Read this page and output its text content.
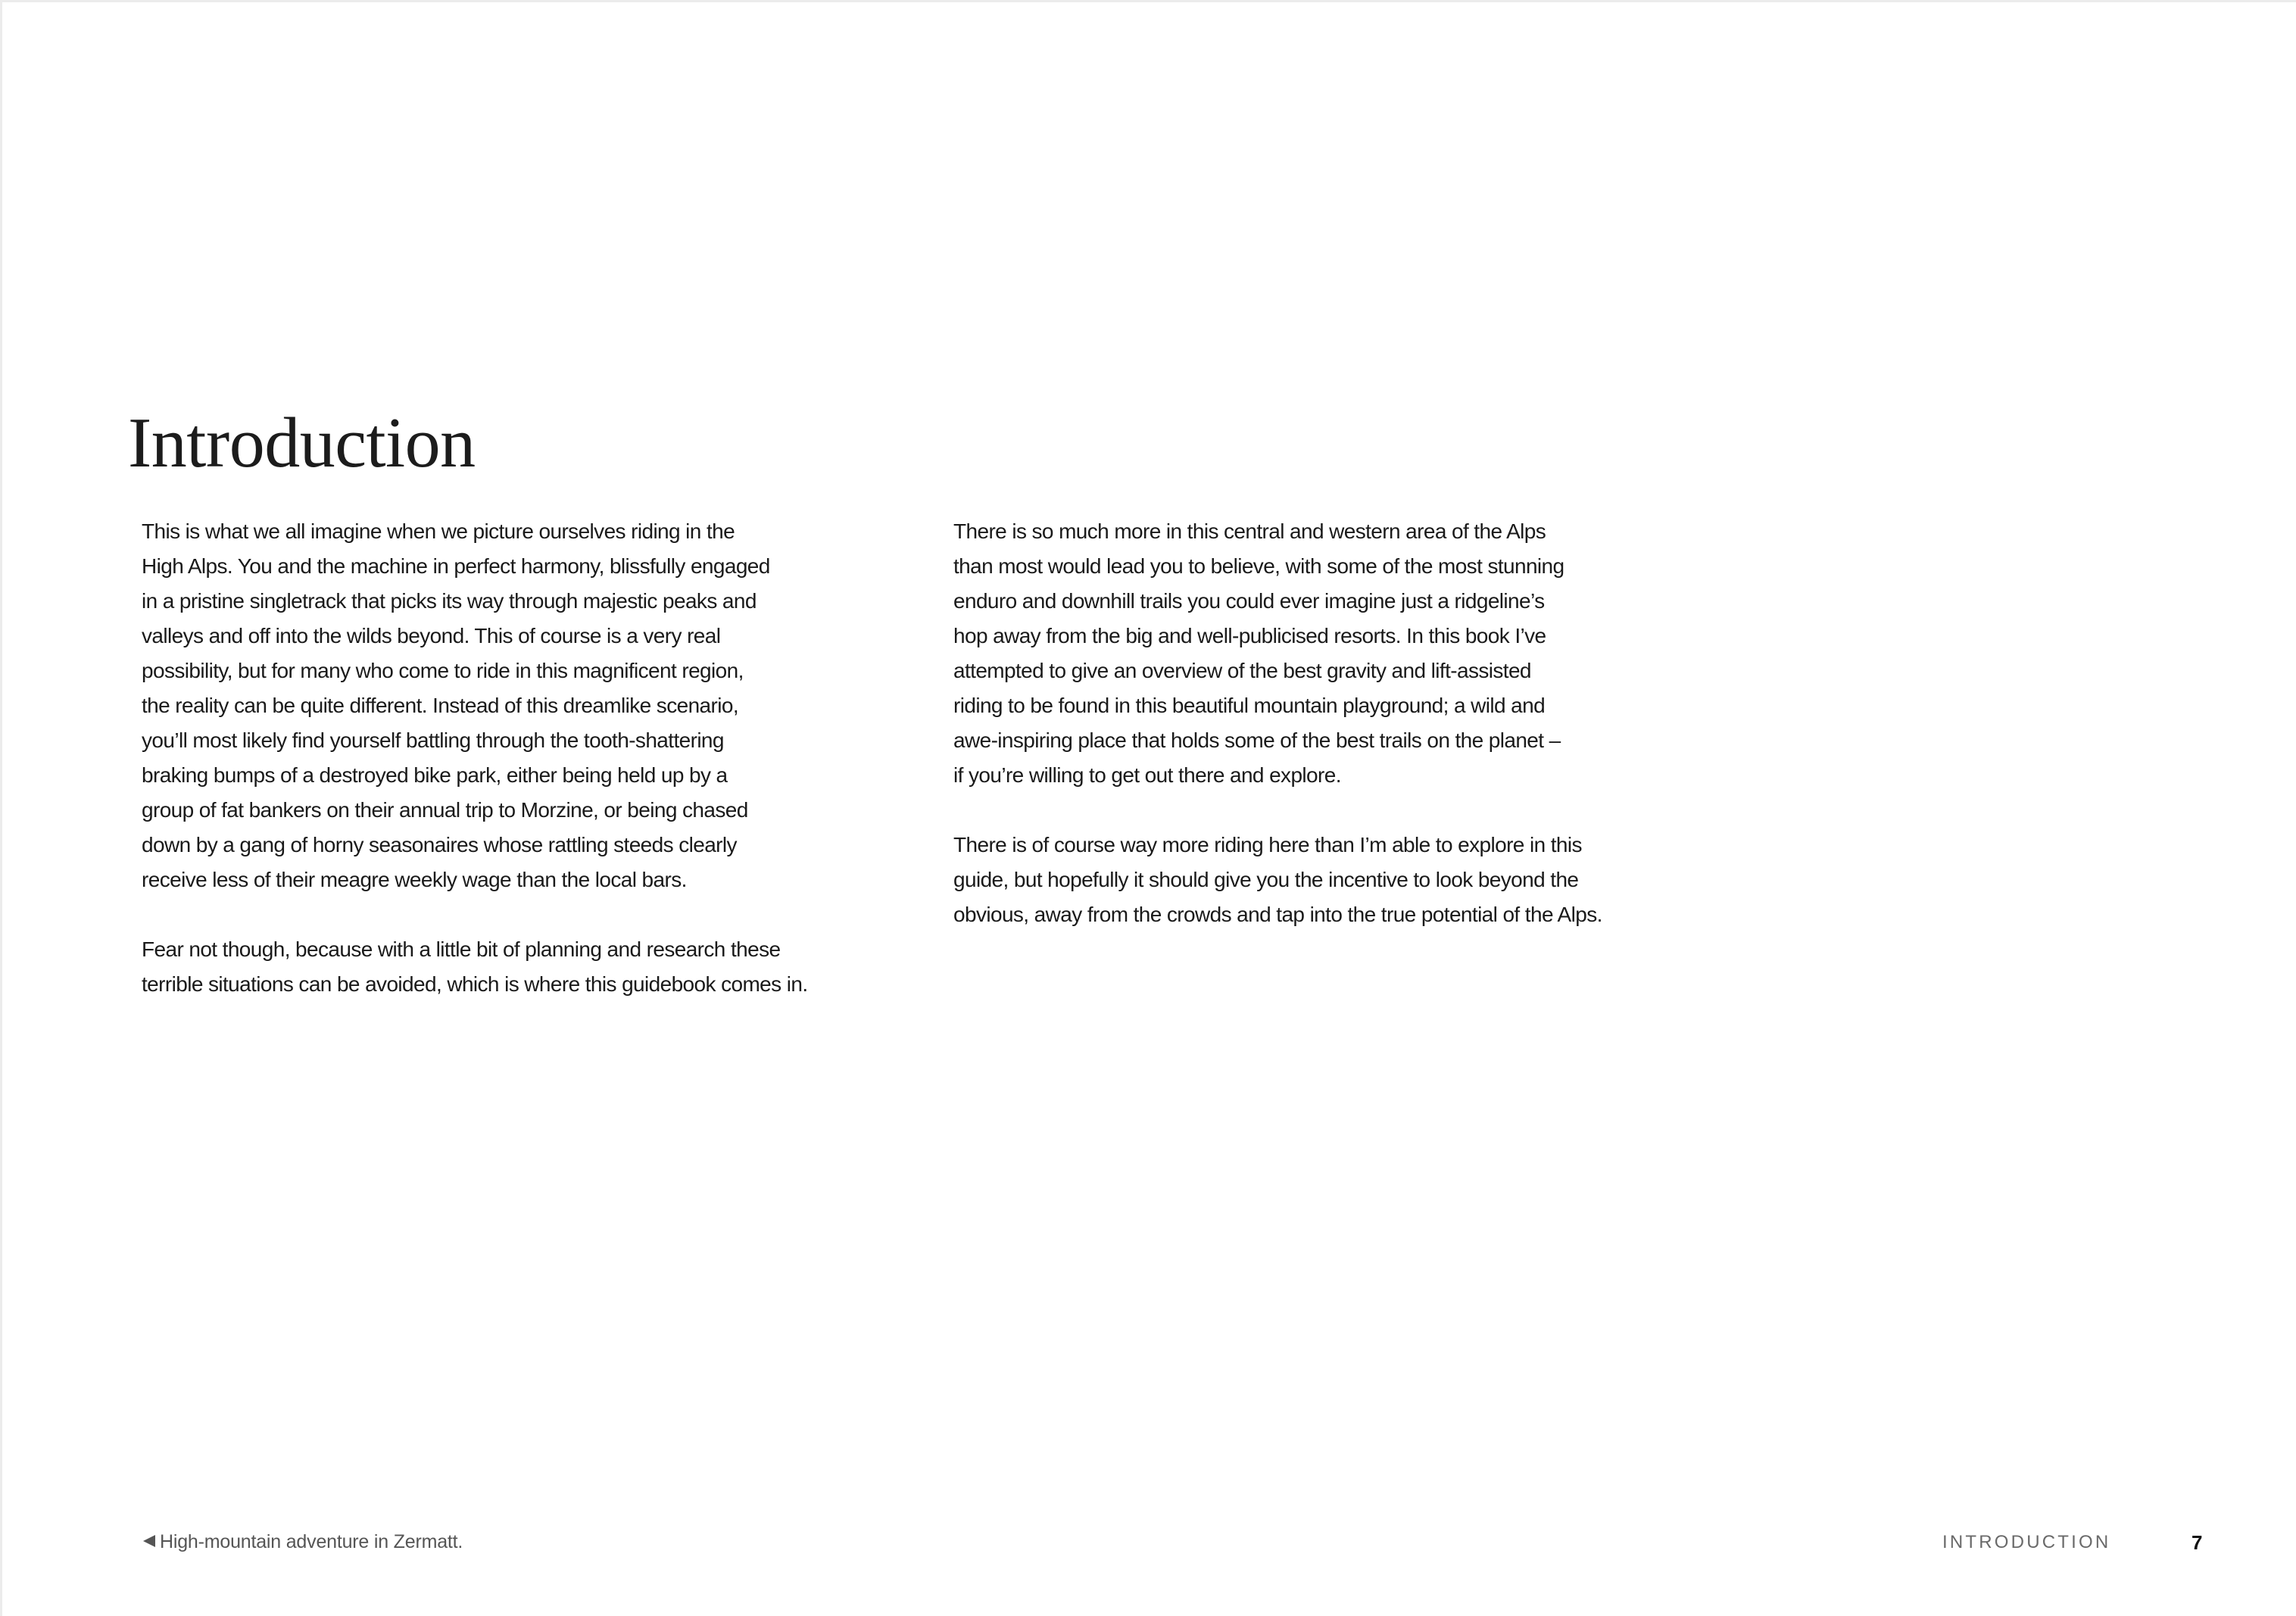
Introduction

This is what we all imagine when we picture ourselves riding in the
High Alps. You and the machine in perfect harmony, blissfully engaged
in a pristine singletrack that picks its way through majestic peaks and
valleys and off into the wilds beyond. This of course is a very real
possibility, but for many who come to ride in this magnificent region,
the reality can be quite different. Instead of this dreamlike scenario,
you’ll most likely find yourself battling through the tooth-shattering
braking bumps of a destroyed bike park, either being held up by a
group of fat bankers on their annual trip to Morzine, or being chased
down by a gang of horny seasonaires whose rattling steeds clearly
receive less of their meagre weekly wage than the local bars.

Fear not though, because with a little bit of planning and research these
terrible situations can be avoided, which is where this guidebook comes in.

There is so much more in this central and western area of the Alps
than most would lead you to believe, with some of the most stunning
enduro and downhill trails you could ever imagine just a ridgeline’s
hop away from the big and well-publicised resorts. In this book I’ve
attempted to give an overview of the best gravity and lift-assisted
riding to be found in this beautiful mountain playground; a wild and
awe-inspiring place that holds some of the best trails on the planet –
if you’re willing to get out there and explore.

There is of course way more riding here than I’m able to explore in this
guide, but hopefully it should give you the incentive to look beyond the
obvious, away from the crowds and tap into the true potential of the Alps.

High-mountain adventure in Zermatt.	INTRODUCTION	7
